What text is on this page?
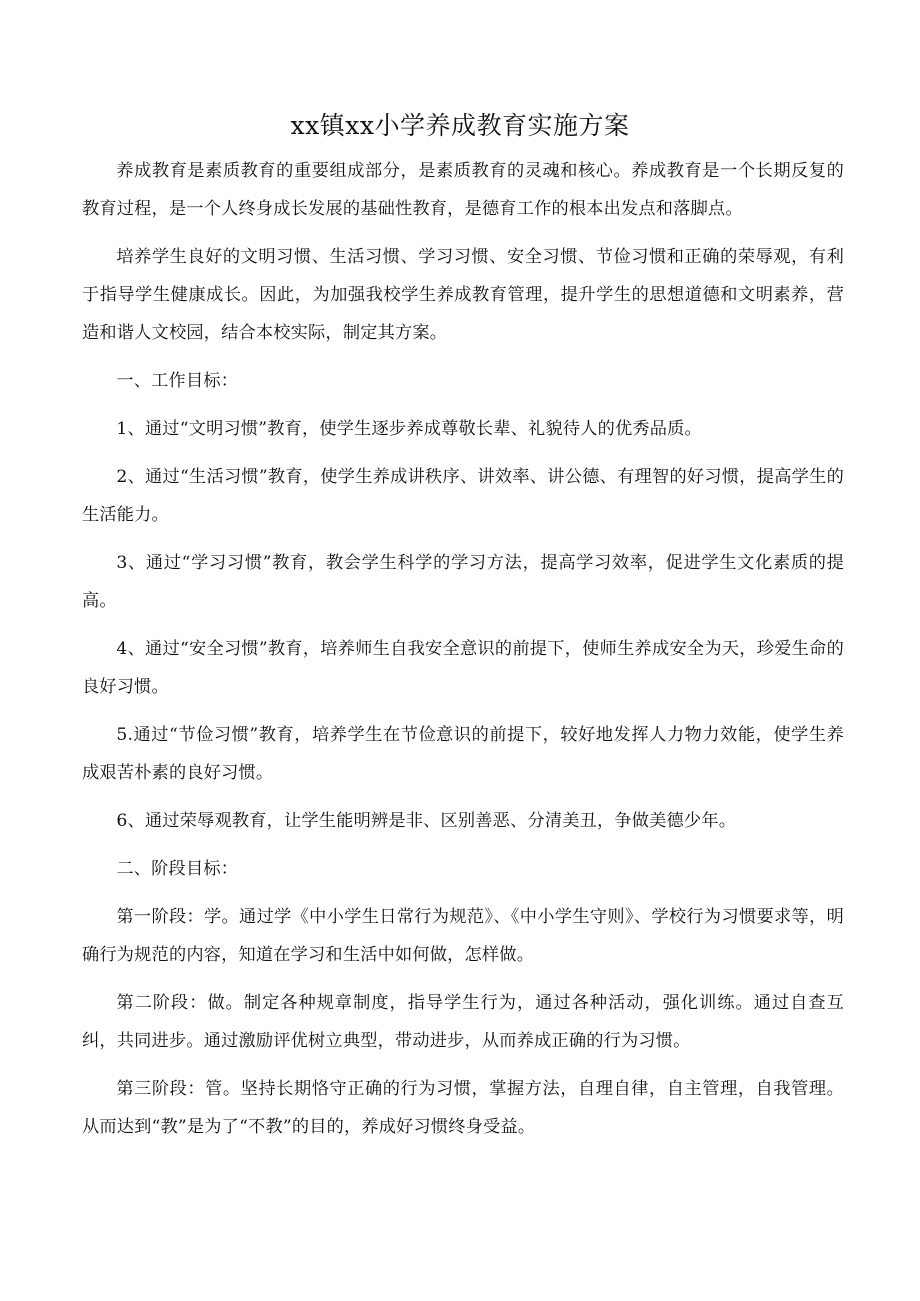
xx镇xx小学养成教育实施方案

养成教育是素质教育的重要组成部分，是素质教育的灵魂和核心。养成教育是一个长期反复的教育过程，是一个人终身成长发展的基础性教育，是德育工作的根本出发点和落脚点。

培养学生良好的文明习惯、生活习惯、学习习惯、安全习惯、节俭习惯和正确的荣辱观，有利于指导学生健康成长。因此，为加强我校学生养成教育管理，提升学生的思想道德和文明素养，营造和谐人文校园，结合本校实际，制定其方案。

一、工作目标：

1、通过“文明习惯”教育，使学生逐步养成尊敬长辈、礼貌待人的优秀品质。

2、通过“生活习惯”教育，使学生养成讲秩序、讲效率、讲公德、有理智的好习惯，提高学生的生活能力。

3、通过“学习习惯”教育，教会学生科学的学习方法，提高学习效率，促进学生文化素质的提高。

4、通过“安全习惯”教育，培养师生自我安全意识的前提下，使师生养成安全为天，珍爱生命的良好习惯。

5.通过“节俭习惯”教育，培养学生在节俭意识的前提下，较好地发挥人力物力效能，使学生养成艰苦朴素的良好习惯。

6、通过荣辱观教育，让学生能明辨是非、区别善恶、分清美丑，争做美德少年。

二、阶段目标：

第一阶段：学。通过学《中小学生日常行为规范》、《中小学生守则》、学校行为习惯要求等，明确行为规范的内容，知道在学习和生活中如何做，怎样做。

第二阶段：做。制定各种规章制度，指导学生行为，通过各种活动，强化训练。通过自查互纠，共同进步。通过激励评优树立典型，带动进步，从而养成正确的行为习惯。

第三阶段：管。坚持长期恪守正确的行为习惯，掌握方法，自理自律，自主管理，自我管理。从而达到“教”是为了“不教”的目的，养成好习惯终身受益。
